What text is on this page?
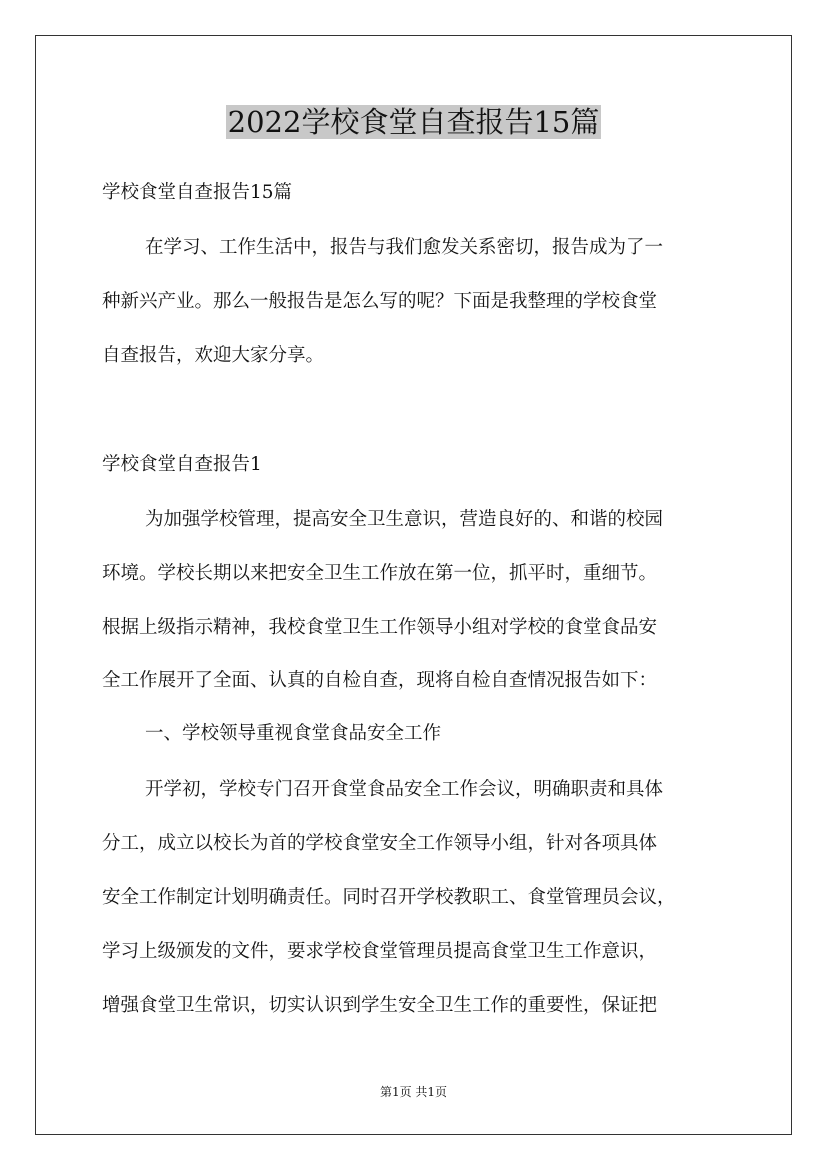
2022学校食堂自查报告15篇

学校食堂自查报告15篇

在学习、工作生活中，报告与我们愈发关系密切，报告成为了一

种新兴产业。那么一般报告是怎么写的呢？下面是我整理的学校食堂

自查报告，欢迎大家分享。

学校食堂自查报告1

为加强学校管理，提高安全卫生意识，营造良好的、和谐的校园

环境。学校长期以来把安全卫生工作放在第一位，抓平时，重细节。

根据上级指示精神，我校食堂卫生工作领导小组对学校的食堂食品安

全工作展开了全面、认真的自检自查，现将自检自查情况报告如下：

一、学校领导重视食堂食品安全工作

开学初，学校专门召开食堂食品安全工作会议，明确职责和具体

分工，成立以校长为首的学校食堂安全工作领导小组，针对各项具体

安全工作制定计划明确责任。同时召开学校教职工、食堂管理员会议，

学习上级颁发的文件，要求学校食堂管理员提高食堂卫生工作意识，

增强食堂卫生常识，切实认识到学生安全卫生工作的重要性，保证把

第1页 共1页
